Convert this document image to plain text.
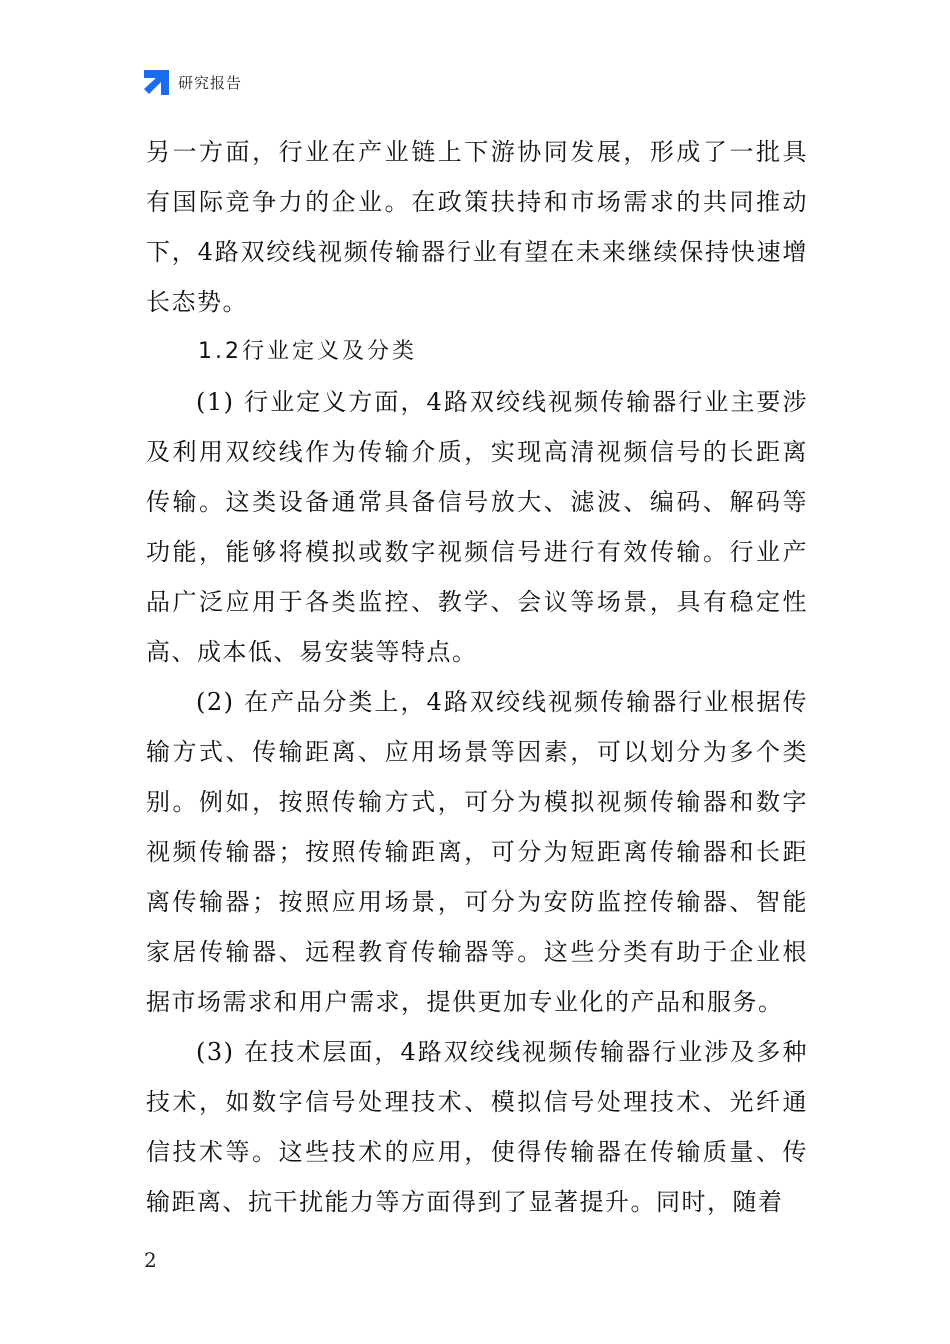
研究报告

另一方面，行业在产业链上下游协同发展，形成了一批具有国际竞争力的企业。在政策扶持和市场需求的共同推动下，4路双绞线视频传输器行业有望在未来继续保持快速增长态势。

1.2行业定义及分类

(1) 行业定义方面，4路双绞线视频传输器行业主要涉及利用双绞线作为传输介质，实现高清视频信号的长距离传输。这类设备通常具备信号放大、滤波、编码、解码等功能，能够将模拟或数字视频信号进行有效传输。行业产品广泛应用于各类监控、教学、会议等场景，具有稳定性高、成本低、易安装等特点。

(2) 在产品分类上，4路双绞线视频传输器行业根据传输方式、传输距离、应用场景等因素，可以划分为多个类别。例如，按照传输方式，可分为模拟视频传输器和数字视频传输器；按照传输距离，可分为短距离传输器和长距离传输器；按照应用场景，可分为安防监控传输器、智能家居传输器、远程教育传输器等。这些分类有助于企业根据市场需求和用户需求，提供更加专业化的产品和服务。

(3) 在技术层面，4路双绞线视频传输器行业涉及多种技术，如数字信号处理技术、模拟信号处理技术、光纤通信技术等。这些技术的应用，使得传输器在传输质量、传输距离、抗干扰能力等方面得到了显著提升。同时，随着

2
